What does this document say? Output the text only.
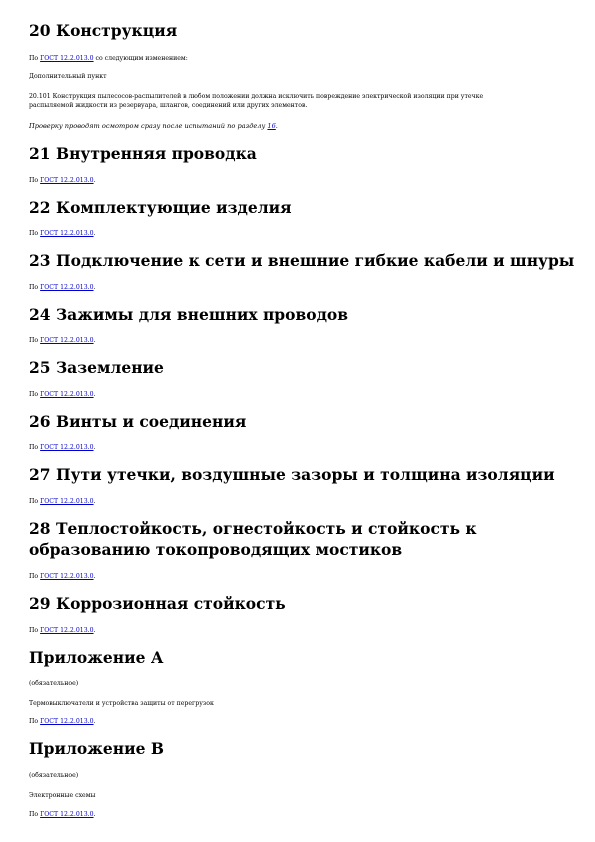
20 Конструкция
По ГОСТ 12.2.013.0 со следующим изменением:
Дополнительный пункт
20.101 Конструкция пылесосов-распылителей в любом положении должна исключить повреждение электрической изоляции при утечке
распыляемой жидкости из резервуара, шлангов, соединений или других элементов.
Проверку проводят осмотром сразу после испытаний по разделу 16.
21 Внутренняя проводка
По ГОСТ 12.2.013.0.
22 Комплектующие изделия
По ГОСТ 12.2.013.0.
23 Подключение к сети и внешние гибкие кабели и шнуры
По ГОСТ 12.2.013.0.
24 Зажимы для внешних проводов
По ГОСТ 12.2.013.0.
25 Заземление
По ГОСТ 12.2.013.0.
26 Винты и соединения
По ГОСТ 12.2.013.0.
27 Пути утечки, воздушные зазоры и толщина изоляции
По ГОСТ 12.2.013.0.
28 Теплостойкость, огнестойкость и стойкость к образованию токопроводящих мостиков
По ГОСТ 12.2.013.0.
29 Коррозионная стойкость
По ГОСТ 12.2.013.0.
Приложение А
(обязательное)
Термовыключатели и устройства защиты от перегрузок
По ГОСТ 12.2.013.0.
Приложение В
(обязательное)
Электронные схемы
По ГОСТ 12.2.013.0.
